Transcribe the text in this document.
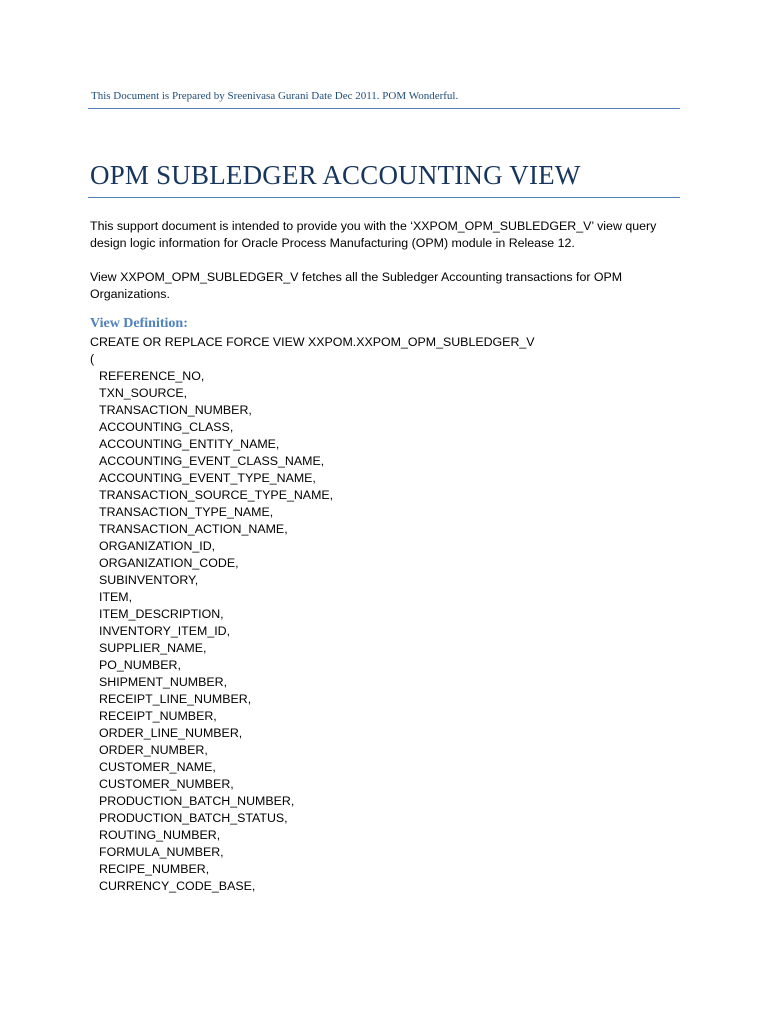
This Document is Prepared by Sreenivasa Gurani Date Dec 2011. POM Wonderful.
OPM SUBLEDGER ACCOUNTING VIEW

This support document is intended to provide you with the ‘XXPOM_OPM_SUBLEDGER_V’ view query design logic information for Oracle Process Manufacturing (OPM) module in Release 12.

View XXPOM_OPM_SUBLEDGER_V fetches all the Subledger Accounting transactions for OPM Organizations.

View Definition:

CREATE OR REPLACE FORCE VIEW XXPOM.XXPOM_OPM_SUBLEDGER_V

(

REFERENCE_NO,
TXN_SOURCE,
TRANSACTION_NUMBER,
ACCOUNTING_CLASS,
ACCOUNTING_ENTITY_NAME,
ACCOUNTING_EVENT_CLASS_NAME,
ACCOUNTING_EVENT_TYPE_NAME,
TRANSACTION_SOURCE_TYPE_NAME,
TRANSACTION_TYPE_NAME,
TRANSACTION_ACTION_NAME,
ORGANIZATION_ID,
ORGANIZATION_CODE,
SUBINVENTORY,
ITEM,
ITEM_DESCRIPTION,
INVENTORY_ITEM_ID,
SUPPLIER_NAME,
PO_NUMBER,
SHIPMENT_NUMBER,
RECEIPT_LINE_NUMBER,
RECEIPT_NUMBER,
ORDER_LINE_NUMBER,
ORDER_NUMBER,
CUSTOMER_NAME,
CUSTOMER_NUMBER,
PRODUCTION_BATCH_NUMBER,
PRODUCTION_BATCH_STATUS,
ROUTING_NUMBER,
FORMULA_NUMBER,
RECIPE_NUMBER,
CURRENCY_CODE_BASE,
